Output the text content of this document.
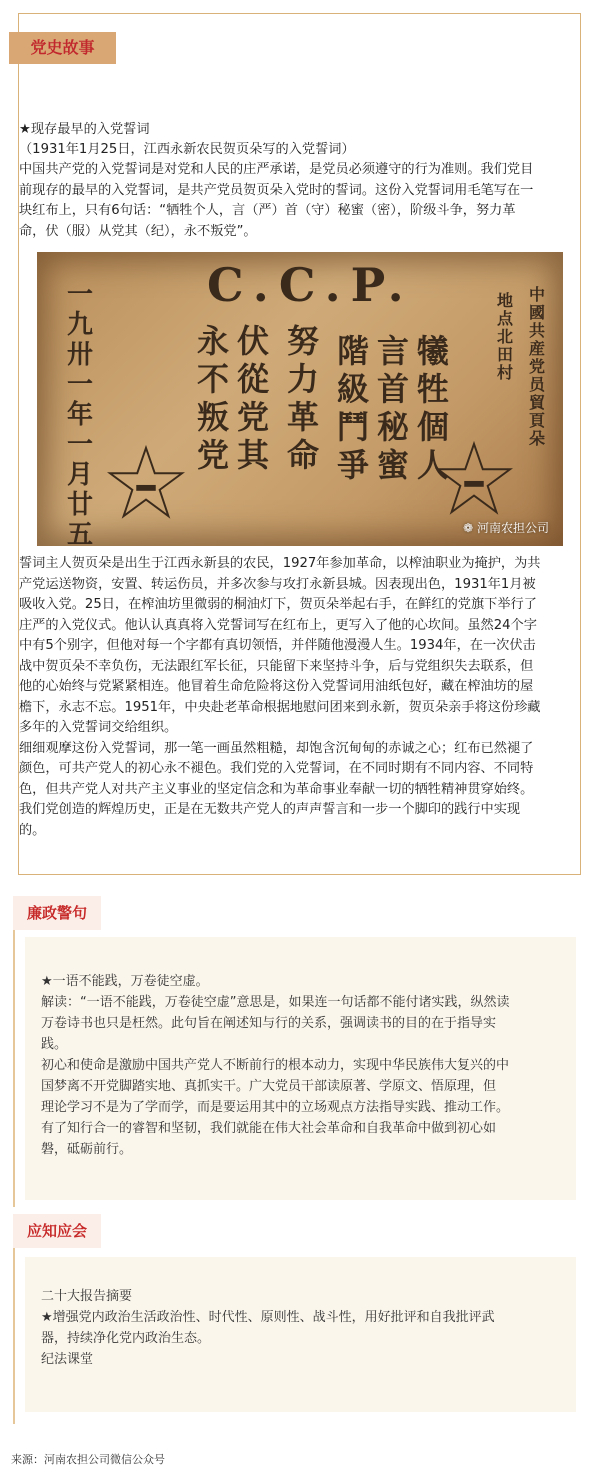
党史故事

★现存最早的入党誓词

（1931年1月25日，江西永新农民贺页朵写的入党誓词）

中国共产党的入党誓词是对党和人民的庄严承诺，是党员必须遵守的行为准则。我们党目
前现存的最早的入党誓词，是共产党员贺页朵入党时的誓词。这份入党誓词用毛笔写在一
块红布上，只有6句话：“牺牲个人，言（严）首（守）秘蜜（密），阶级斗争，努力革
命，伏（服）从党其（纪），永不叛党”。
C.C.P.
一九卅一年一月廿五
中國共産党员貿頁朵
地点北田村
犧牲個人
言首秘蜜
階級鬥爭
努力革命
伏從党其
永不叛党
❁ 河南农担公司
誓词主人贺页朵是出生于江西永新县的农民，1927年参加革命，以榨油职业为掩护，为共
产党运送物资，安置、转运伤员，并多次参与攻打永新县城。因表现出色，1931年1月被
吸收入党。25日，在榨油坊里微弱的桐油灯下，贺页朵举起右手，在鲜红的党旗下举行了
庄严的入党仪式。他认认真真将入党誓词写在红布上，更写入了他的心坎间。虽然24个字
中有5个别字，但他对每一个字都有真切领悟，并伴随他漫漫人生。1934年，在一次伏击
战中贺页朵不幸负伤，无法跟红军长征，只能留下来坚持斗争，后与党组织失去联系，但
他的心始终与党紧紧相连。他冒着生命危险将这份入党誓词用油纸包好，藏在榨油坊的屋
檐下，永志不忘。1951年，中央赴老革命根据地慰问团来到永新，贺页朵亲手将这份珍藏
多年的入党誓词交给组织。
细细观摩这份入党誓词，那一笔一画虽然粗糙，却饱含沉甸甸的赤诚之心；红布已然褪了
颜色，可共产党人的初心永不褪色。我们党的入党誓词，在不同时期有不同内容、不同特
色，但共产党人对共产主义事业的坚定信念和为革命事业奉献一切的牺牲精神贯穿始终。
我们党创造的辉煌历史，正是在无数共产党人的声声誓言和一步一个脚印的践行中实现
的。
廉政警句

★一语不能践，万卷徒空虚。

解读：“一语不能践，万卷徒空虚”意思是，如果连一句话都不能付诸实践，纵然读

万卷诗书也只是枉然。此句旨在阐述知与行的关系，强调读书的目的在于指导实

践。

初心和使命是激励中国共产党人不断前行的根本动力，实现中华民族伟大复兴的中

国梦离不开党脚踏实地、真抓实干。广大党员干部读原著、学原文、悟原理，但

理论学习不是为了学而学，而是要运用其中的立场观点方法指导实践、推动工作。

有了知行合一的睿智和坚韧，我们就能在伟大社会革命和自我革命中做到初心如

磐，砥砺前行。

应知应会

二十大报告摘要

★增强党内政治生活政治性、时代性、原则性、战斗性，用好批评和自我批评武

器，持续净化党内政治生态。

纪法课堂

来源：河南农担公司微信公众号
